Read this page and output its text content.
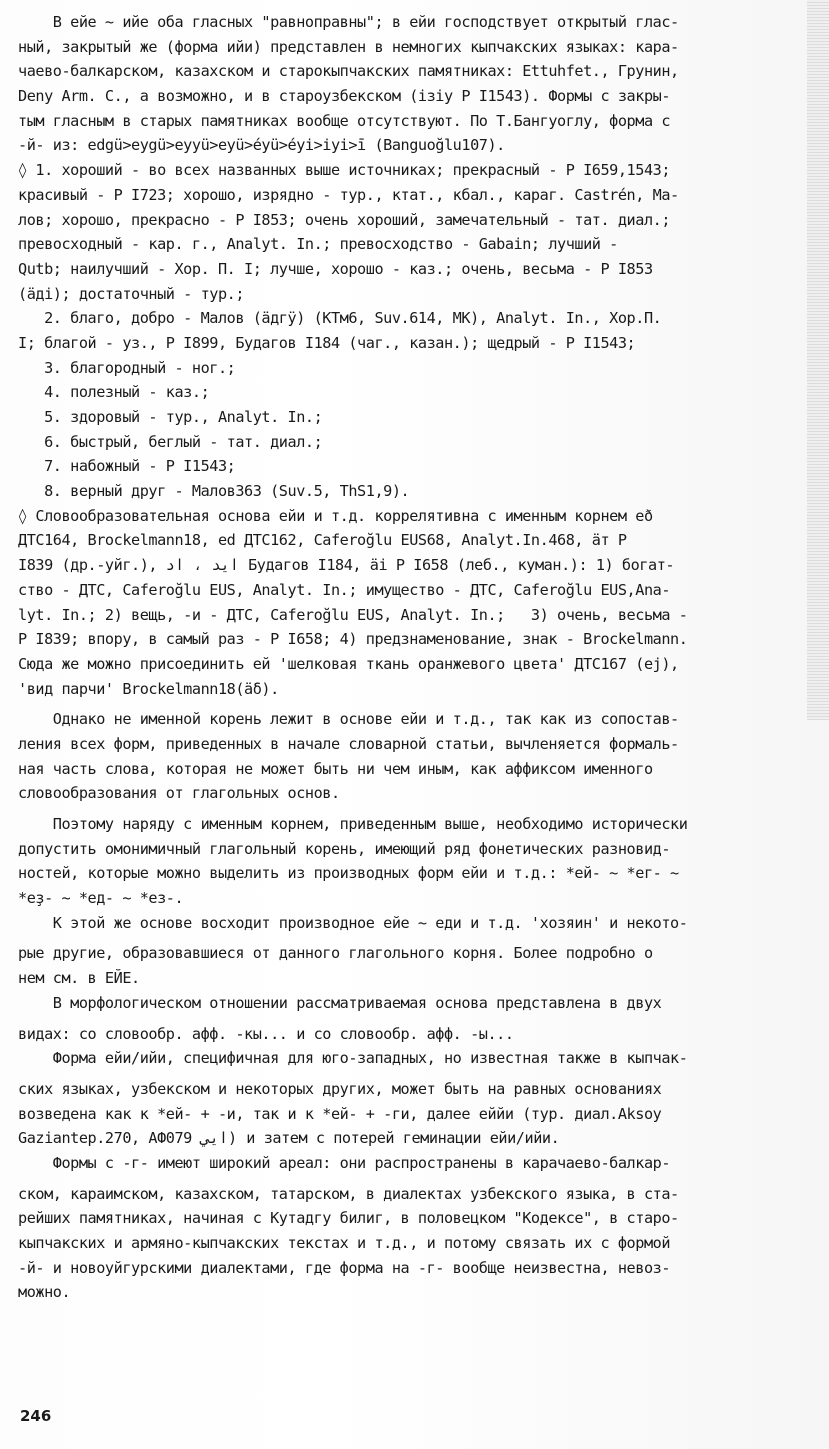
В ейе ~ ийе оба гласных "равноправны"; в ейи господствует открытый глас-
ный, закрытый же (форма ийи) представлен в немногих кыпчакских языках: кара-
чаево-балкарском, казахском и старокыпчакских памятниках: Ettuhfet., Грунин,
Deny Arm. C., а возможно, и в староузбекском (iзiу Р I1543). Формы с закры-
тым гласным в старых памятниках вообще отсутствуют. По Т.Бангуоглу, форма с
-й- из: edgü>eygü>eyyü>eyü>éyü>éyi>iyi>ī (Banguoğlu107).
◊ 1. хороший - во всех названных выше источниках; прекрасный - Р I659,1543;
красивый - Р I723; хорошо, изрядно - тур., ктат., кбал., караг. Castrén, Ма-
лов; хорошо, прекрасно - Р I853; очень хороший, замечательный - тат. диал.;
превосходный - кар. г., Analyt. In.; превосходство - Gabain; лучший -
Qutb; наилучший - Хор. П. I; лучше, хорошо - каз.; очень, весьма - Р I853
(ӓдi); достаточный - тур.;
2. благо, добро - Малов (ӓдгӱ) (КТм6, Suv.614, МК), Analyt. In., Хор.П.
I; благой - уз., Р I899, Будагов I184 (чаг., казан.); щедрый - Р I1543;
3. благородный - ног.;
4. полезный - каз.;
5. здоровый - тур., Analyt. In.;
6. быстрый, беглый - тат. диал.;
7. набожный - Р I1543;
8. верный друг - Малов363 (Suv.5, ThS1,9).
◊ Словообразовательная основа ейи и т.д. коррелятивна с именным корнем еð
ДТС164, Brockelmann18, ed ДТС162, Caferoğlu EUS68, Analyt.In.468, ӓт Р
I839 (др.-уйг.), ايد ، اد Будагов I184, ӓi Р I658 (леб., куман.): 1) богат-
ство - ДТС, Caferoğlu EUS, Analyt. In.; имущество - ДТС, Caferoğlu EUS,Ana-
lyt. In.; 2) вещь, -и - ДТС, Caferoğlu EUS, Analyt. In.;   3) очень, весьма -
Р I839; впору, в самый раз - Р I658; 4) предзнаменование, знак - Brockelmann.
Сюда же можно присоединить ей 'шелковая ткань оранжевого цвета' ДТС167 (ej),
'вид парчи' Brockelmann18(ӓδ).
Однако не именной корень лежит в основе ейи и т.д., так как из сопостав-
ления всех форм, приведенных в начале словарной статьи, вычленяется формаль-
ная часть слова, которая не может быть ни чем иным, как аффиксом именного
словообразования от глагольных основ.
Поэтому наряду с именным корнем, приведенным выше, необходимо исторически
допустить омонимичный глагольный корень, имеющий ряд фонетических разновид-
ностей, которые можно выделить из производных форм ейи и т.д.: *ей- ~ *ег- ~
*еҙ- ~ *ед- ~ *ез-.
К этой же основе восходит производное ейе ~ еди и т.д. 'хозяин' и некото-
рые другие, образовавшиеся от данного глагольного корня. Более подробно о
нем см. в ЕЙЕ.
В морфологическом отношении рассматриваемая основа представлена в двух
видах: со словообр. афф. -кы... и со словообр. афф. -ы...
Форма ейи/ийи, специфичная для юго-западных, но известная также в кыпчак-
ских языках, узбекском и некоторых других, может быть на равных основаниях
возведена как к *ей- + -и, так и к *ей- + -ги, далее еййи (тур. диал.Aksoy
Gaziantep.270, АФ079 ايي) и затем с потерей геминации ейи/ийи.
Формы с -г- имеют широкий ареал: они распространены в карачаево-балкар-
ском, караимском, казахском, татарском, в диалектах узбекского языка, в ста-
рейших памятниках, начиная с Кутадгу билиг, в половецком "Кодексе", в старо-
кыпчакских и армяно-кыпчакских текстах и т.д., и потому связать их с формой
-й- и новоуйгурскими диалектами, где форма на -г- вообще неизвестна, невоз-
можно.
246
